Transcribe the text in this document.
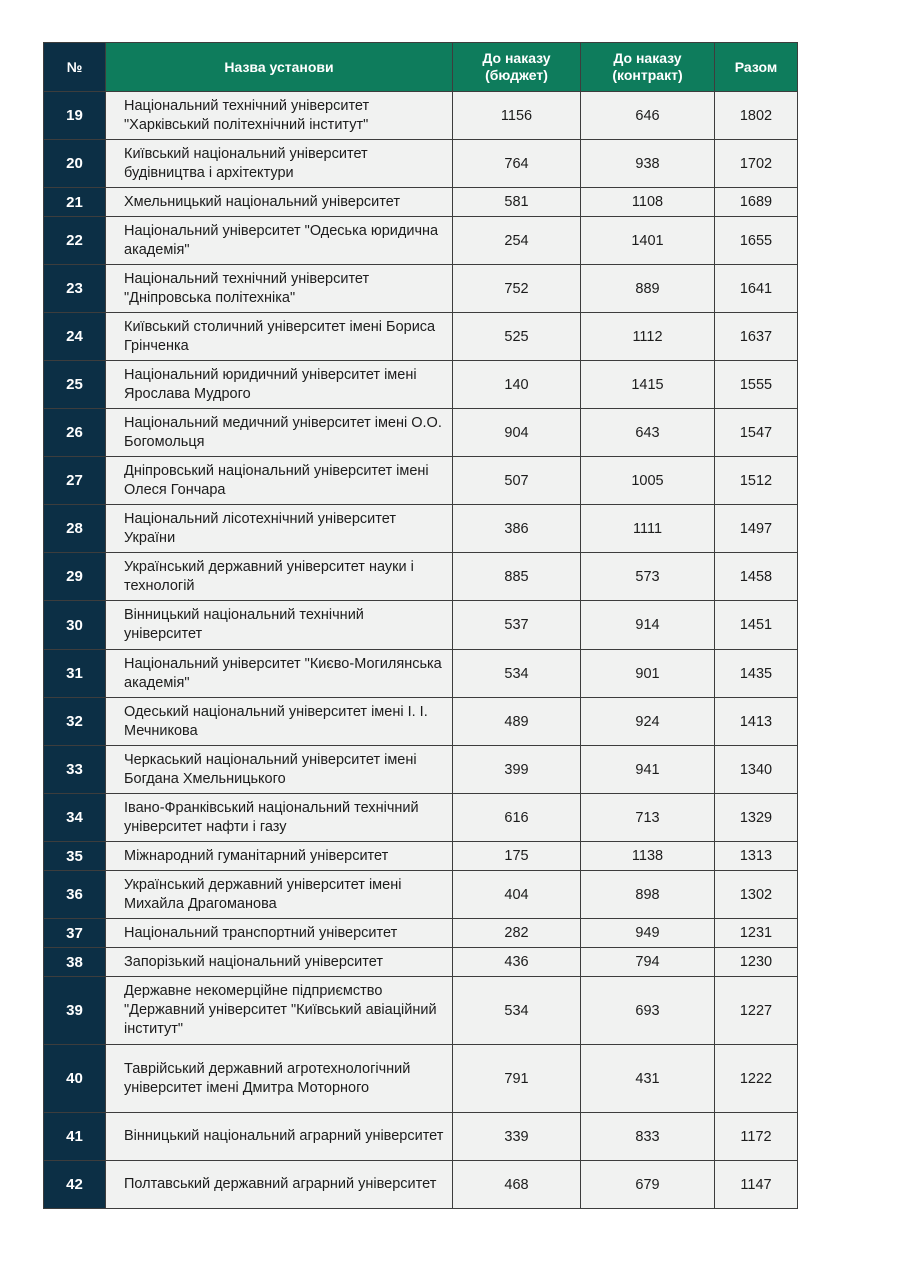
№	Назва установи	До наказу (бюджет)	До наказу (контракт)	Разом
19	Національний технічний університет "Харківський політехнічний інститут"	1156	646	1802
20	Київський національний університет будівництва і архітектури	764	938	1702
21	Хмельницький національний університет	581	1108	1689
22	Національний університет "Одеська юридична академія"	254	1401	1655
23	Національний технічний університет "Дніпровська політехніка"	752	889	1641
24	Київський столичний університет імені Бориса Грінченка	525	1112	1637
25	Національний юридичний університет імені Ярослава Мудрого	140	1415	1555
26	Національний медичний університет імені О.О. Богомольця	904	643	1547
27	Дніпровський національний університет імені Олеся Гончара	507	1005	1512
28	Національний лісотехнічний університет України	386	1111	1497
29	Український державний університет науки і технологій	885	573	1458
30	Вінницький національний технічний університет	537	914	1451
31	Національний університет "Києво-Могилянська академія"	534	901	1435
32	Одеський національний університет імені І. І. Мечникова	489	924	1413
33	Черкаський національний університет імені Богдана Хмельницького	399	941	1340
34	Івано-Франківський національний технічний університет нафти і газу	616	713	1329
35	Міжнародний гуманітарний університет	175	1138	1313
36	Український державний університет імені Михайла Драгоманова	404	898	1302
37	Національний транспортний університет	282	949	1231
38	Запорізький національний університет	436	794	1230
39	Державне некомерційне підприємство "Державний університет "Київський авіаційний інститут"	534	693	1227
40	Таврійський державний агротехнологічний університет імені Дмитра Моторного	791	431	1222
41	Вінницький національний аграрний університет	339	833	1172
42	Полтавський державний аграрний університет	468	679	1147
